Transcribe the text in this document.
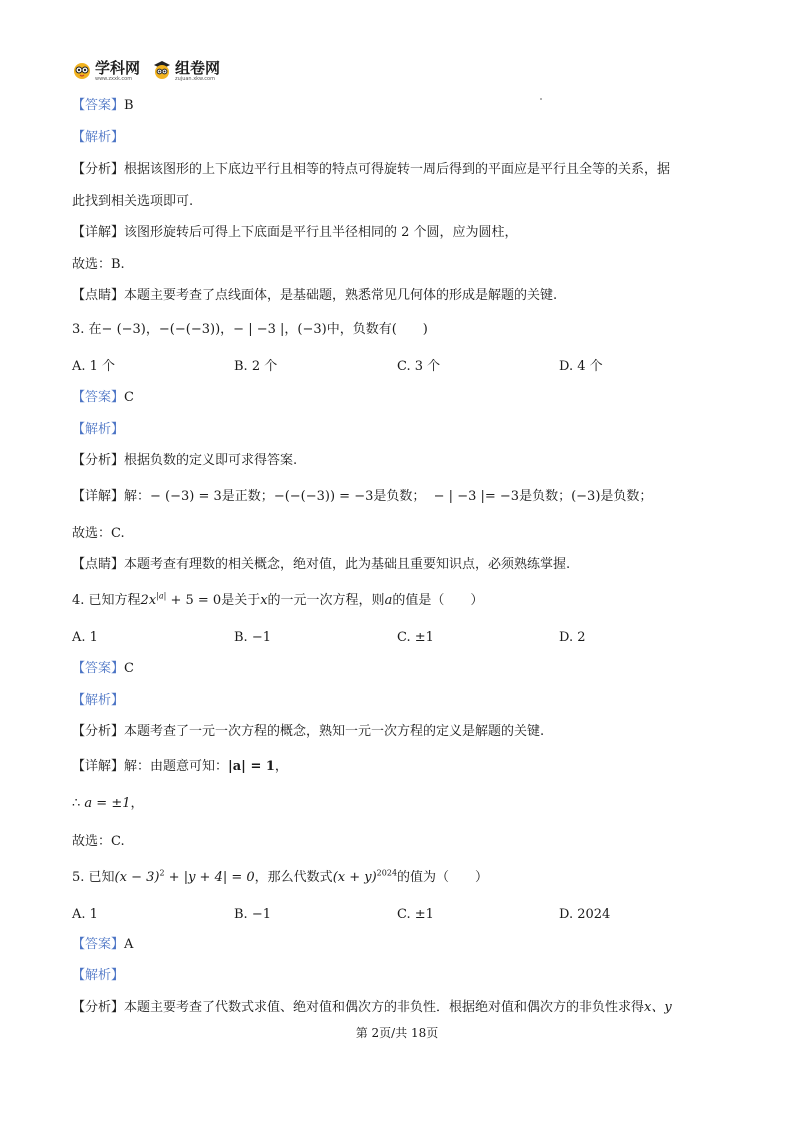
学科网
www.zxxk.com
组卷网
zujuan.xkw.com
【答案】B
【解析】
【分析】根据该图形的上下底边平行且相等的特点可得旋转一周后得到的平面应是平行且全等的关系，据
此找到相关选项即可.
【详解】该图形旋转后可得上下底面是平行且半径相同的 2 个圆，应为圆柱，
故选：B.
【点睛】本题主要考查了点线面体，是基础题，熟悉常见几何体的形成是解题的关键.
3. 在− (−3)，−(−(−3))，− | −3 |，(−3)中，负数有(　　)
A. 1 个	B. 2 个	C. 3 个	D. 4 个
【答案】C
【解析】
【分析】根据负数的定义即可求得答案.
【详解】解：− (−3) = 3是正数；−(−(−3)) = −3是负数； − | −3 |= −3是负数；(−3)是负数；
故选：C.
【点睛】本题考查有理数的相关概念，绝对值，此为基础且重要知识点，必须熟练掌握.
4. 已知方程$2x^{|a|} + 5 = 0$是关于x的一元一次方程，则a的值是（　　）
A. 1	B. −1	C. ±1	D. 2
【答案】C
【解析】
【分析】本题考查了一元一次方程的概念，熟知一元一次方程的定义是解题的关键.
【详解】解：由题意可知：|a| = 1，
∴ a = ±1，
故选：C.
5. 已知$(x - 3)^2 + |y + 4| = 0$，那么代数式$(x + y)^{2024}$的值为（　　）
A. 1	B. −1	C. ±1	D. 2024
【答案】A
【解析】
【分析】本题主要考查了代数式求值、绝对值和偶次方的非负性．根据绝对值和偶次方的非负性求得x、y
第 2页/共 18页
